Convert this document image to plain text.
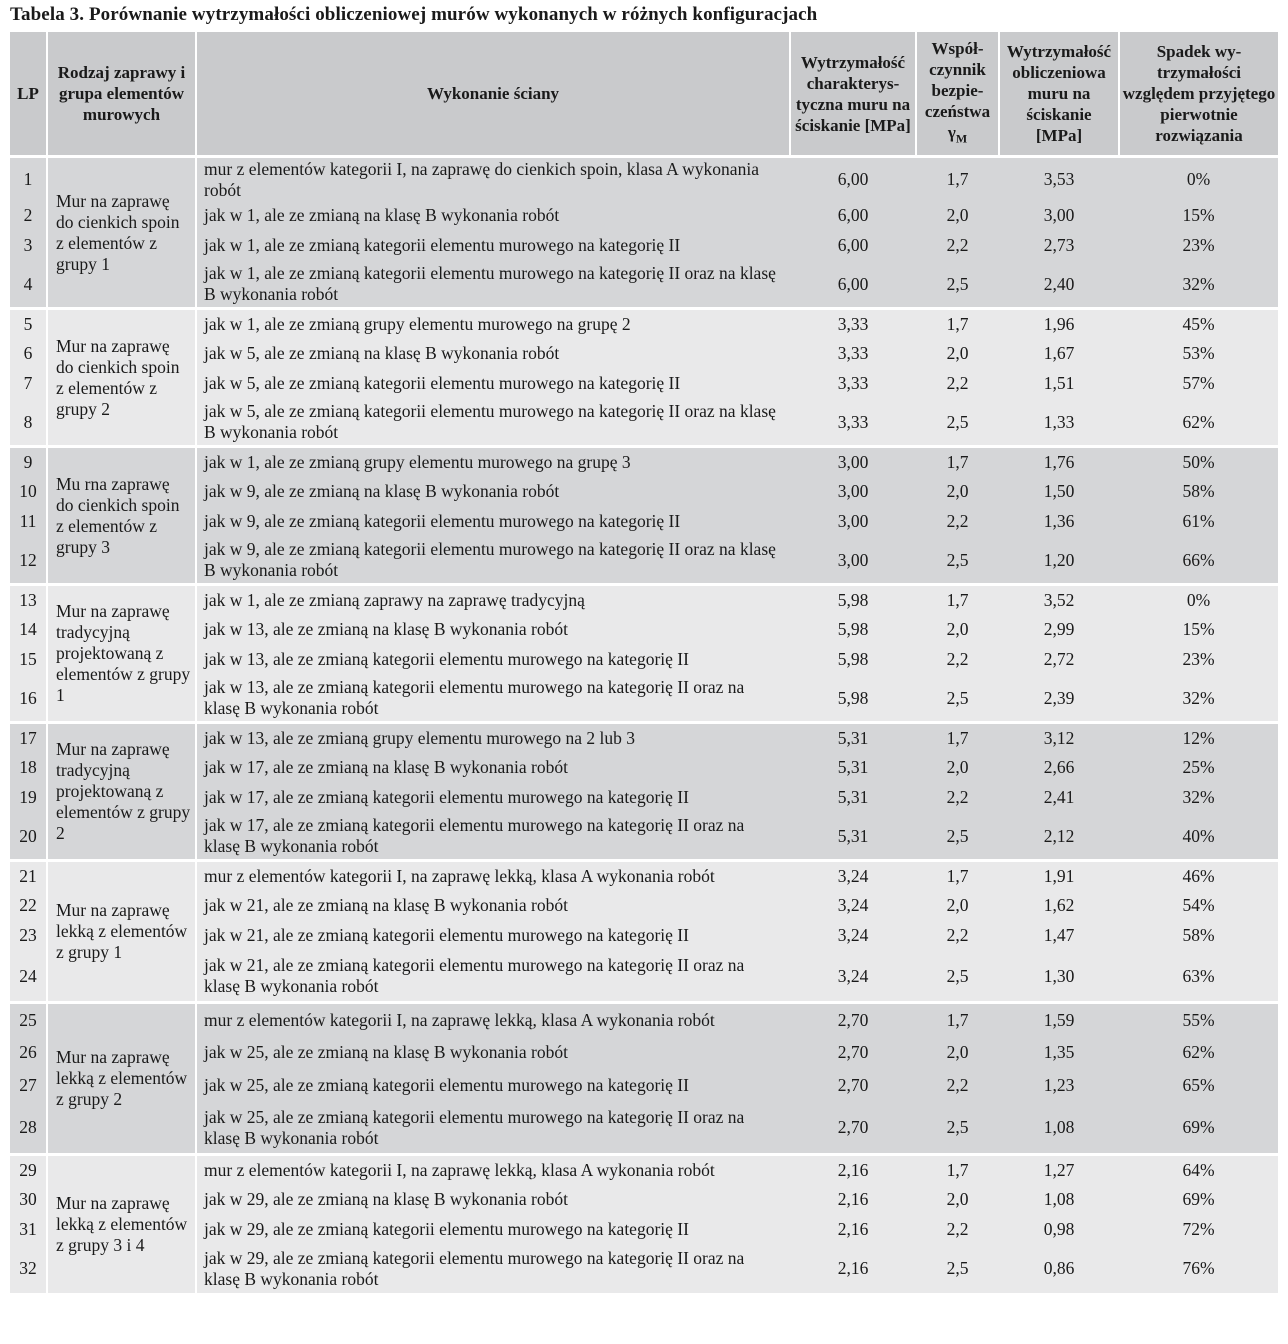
Tabela 3. Porównanie wytrzymałości obliczeniowej murów wykonanych w różnych konfiguracjach
LP	Rodzaj zaprawy i grupa elementów murowych	Wykonanie ściany	Wytrzymałość charakterystyczna muru na ściskanie [MPa]	Współczynnik bezpieczeństwa $\gamma_M$	Wytrzymałość obliczeniowa muru na ściskanie [MPa]	Spadek wytrzymałości względem przyjętego pierwotnie rozwiązania
1	Mur na zaprawę do cienkich spoin z elementów z grupy 1	mur z elementów kategorii I, na zaprawę do cienkich spoin, klasa A wykonania robót	6,00	1,7	3,53	0%
2		jak w 1, ale ze zmianą na klasę B wykonania robót	6,00	2,0	3,00	15%
3		jak w 1, ale ze zmianą kategorii elementu murowego na kategorię II	6,00	2,2	2,73	23%
4		jak w 1, ale ze zmianą kategorii elementu murowego na kategorię II oraz na klasę B wykonania robót	6,00	2,5	2,40	32%
5	Mur na zaprawę do cienkich spoin z elementów z grupy 2	jak w 1, ale ze zmianą grupy elementu murowego na grupę 2	3,33	1,7	1,96	45%
6		jak w 5, ale ze zmianą na klasę B wykonania robót	3,33	2,0	1,67	53%
7		jak w 5, ale ze zmianą kategorii elementu murowego na kategorię II	3,33	2,2	1,51	57%
8		jak w 5, ale ze zmianą kategorii elementu murowego na kategorię II oraz na klasę B wykonania robót	3,33	2,5	1,33	62%
9	Mu rna zaprawę do cienkich spoin z elementów z grupy 3	jak w 1, ale ze zmianą grupy elementu murowego na grupę 3	3,00	1,7	1,76	50%
10		jak w 9, ale ze zmianą na klasę B wykonania robót	3,00	2,0	1,50	58%
11		jak w 9, ale ze zmianą kategorii elementu murowego na kategorię II	3,00	2,2	1,36	61%
12		jak w 9, ale ze zmianą kategorii elementu murowego na kategorię II oraz na klasę B wykonania robót	3,00	2,5	1,20	66%
13	Mur na zaprawę tradycyjną projektowaną z elementów z grupy 1	jak w 1, ale ze zmianą zaprawy na zaprawę tradycyjną	5,98	1,7	3,52	0%
14		jak w 13, ale ze zmianą na klasę B wykonania robót	5,98	2,0	2,99	15%
15		jak w 13, ale ze zmianą kategorii elementu murowego na kategorię II	5,98	2,2	2,72	23%
16		jak w 13, ale ze zmianą kategorii elementu murowego na kategorię II oraz na klasę B wykonania robót	5,98	2,5	2,39	32%
17	Mur na zaprawę tradycyjną projektowaną z elementów z grupy 2	jak w 13, ale ze zmianą grupy elementu murowego na 2 lub 3	5,31	1,7	3,12	12%
18		jak w 17, ale ze zmianą na klasę B wykonania robót	5,31	2,0	2,66	25%
19		jak w 17, ale ze zmianą kategorii elementu murowego na kategorię II	5,31	2,2	2,41	32%
20		jak w 17, ale ze zmianą kategorii elementu murowego na kategorię II oraz na klasę B wykonania robót	5,31	2,5	2,12	40%
21	Mur na zaprawę lekką z elementów z grupy 1	mur z elementów kategorii I, na zaprawę lekką, klasa A wykonania robót	3,24	1,7	1,91	46%
22		jak w 21, ale ze zmianą na klasę B wykonania robót	3,24	2,0	1,62	54%
23		jak w 21, ale ze zmianą kategorii elementu murowego na kategorię II	3,24	2,2	1,47	58%
24		jak w 21, ale ze zmianą kategorii elementu murowego na kategorię II oraz na klasę B wykonania robót	3,24	2,5	1,30	63%
25	Mur na zaprawę lekką z elementów z grupy 2	mur z elementów kategorii I, na zaprawę lekką, klasa A wykonania robót	2,70	1,7	1,59	55%
26		jak w 25, ale ze zmianą na klasę B wykonania robót	2,70	2,0	1,35	62%
27		jak w 25, ale ze zmianą kategorii elementu murowego na kategorię II	2,70	2,2	1,23	65%
28		jak w 25, ale ze zmianą kategorii elementu murowego na kategorię II oraz na klasę B wykonania robót	2,70	2,5	1,08	69%
29	Mur na zaprawę lekką z elementów z grupy 3 i 4	mur z elementów kategorii I, na zaprawę lekką, klasa A wykonania robót	2,16	1,7	1,27	64%
30		jak w 29, ale ze zmianą na klasę B wykonania robót	2,16	2,0	1,08	69%
31		jak w 29, ale ze zmianą kategorii elementu murowego na kategorię II	2,16	2,2	0,98	72%
32		jak w 29, ale ze zmianą kategorii elementu murowego na kategorię II oraz na klasę B wykonania robót	2,16	2,5	0,86	76%
